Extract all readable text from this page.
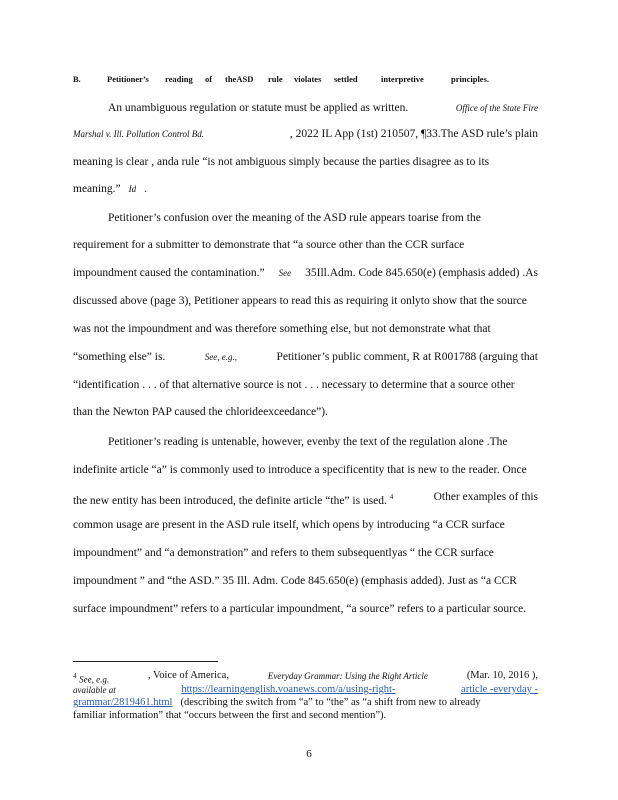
B.	Petitioner’s reading of theASD rule violates settled	interpretive	principles.
An unambiguous regulation or statute must be applied as written.	Office of the State Fire
Marshal v. Ill. Pollution Control Bd.	, 2022 IL App (1st) 210507, ¶33.The ASD rule’s plain
meaning is clear , anda rule “is not ambiguous simply because the parties disagree as to its
meaning.” Id .
Petitioner’s confusion over the meaning of the ASD rule appears toarise from the
requirement for a submitter to demonstrate that “a source other than the CCR surface
impoundment caused the contamination.” See 35Ill.Adm. Code 845.650(e) (emphasis added) .As
discussed above (page 3), Petitioner appears to read this as requiring it onlyto show that the source
was not the impoundment and was therefore something else, but not demonstrate what that
“something else” is.	See, e.g.,	Petitioner’s public comment, R at R001788 (arguing that
“identification . . . of that alternative source is not . . . necessary to determine that a source other
than the Newton PAP caused the chlorideexceedance”).
Petitioner’s reading is untenable, however, evenby the text of the regulation alone .The
indefinite article “a” is commonly used to introduce a specificentity that is new to the reader. Once
the new entity has been introduced, the definite article “the” is used. $^4$	Other examples of this
common usage are present in the ASD rule itself, which opens by introducing “a CCR surface
impoundment” and “a demonstration” and refers to them subsequentlyas “ the CCR surface
impoundment ” and “the ASD.” 35 Ill. Adm. Code 845.650(e) (emphasis added). Just as “a CCR
surface impoundment” refers to a particular impoundment, “a source” refers to a particular source.
$^4$ See, e.g.	, Voice of America,	Everyday Grammar: Using the Right Article	(Mar. 10, 2016 ),
available at	https://learningenglish.voanews.com/a/using-right-	article -everyday -
grammar/2819461.html (describing the switch from “a” to “the” as “a shift from new to already
familiar information” that “occurs between the first and second mention”).
6
